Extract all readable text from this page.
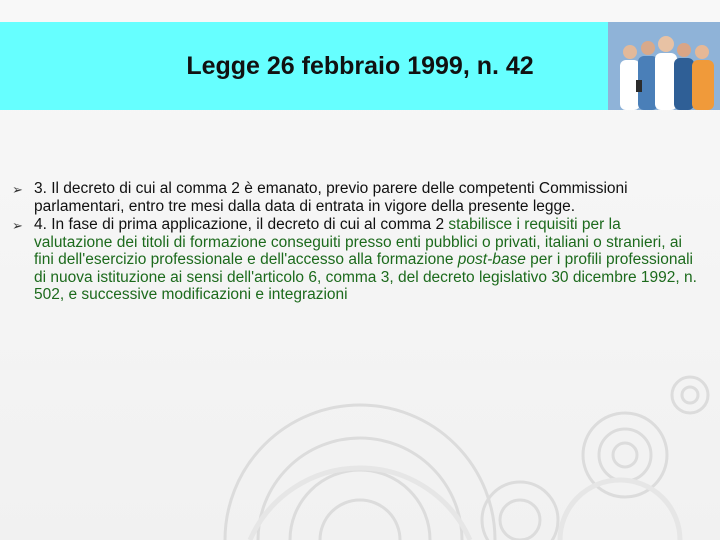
Legge 26 febbraio 1999, n. 42
➢ 3. Il decreto di cui al comma 2 è emanato, previo parere delle competenti Commissioni parlamentari, entro tre mesi dalla data di entrata in vigore della presente legge.
➢ 4. In fase di prima applicazione, il decreto di cui al comma 2 stabilisce i requisiti per la valutazione dei titoli di formazione conseguiti presso enti pubblici o privati, italiani o stranieri, ai fini dell'esercizio professionale e dell'accesso alla formazione post-base per i profili professionali di nuova istituzione ai sensi dell'articolo 6, comma 3, del decreto legislativo 30 dicembre 1992, n. 502, e successive modificazioni e integrazioni
